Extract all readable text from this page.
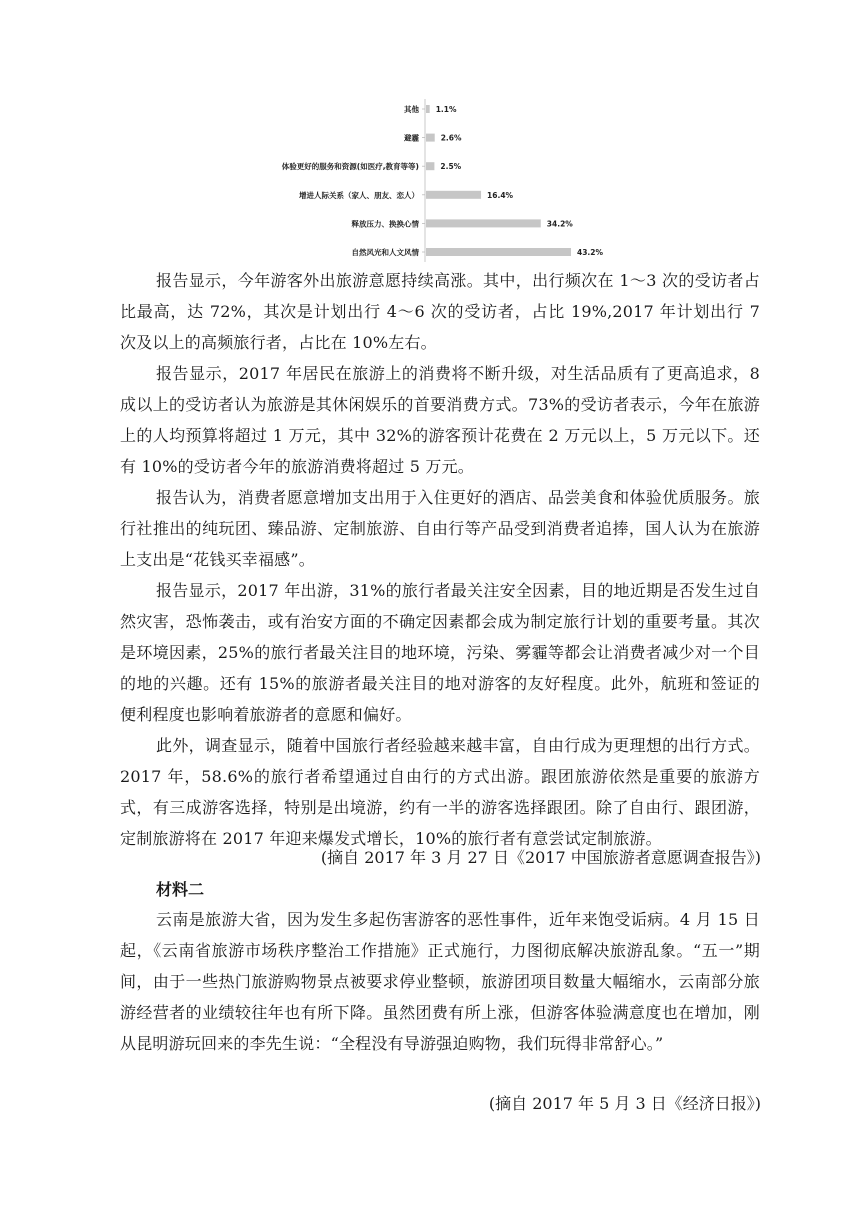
其他 1.1%
避霾	2.6%
体验更好的服务和资源(如医疗,教育等等)	2.5%
增进人际关系（家人、朋友、恋人）	16.4%
释放压力、换换心情	34.2%
自然风光和人文风情	43.2%

报告显示，今年游客外出旅游意愿持续高涨。其中，出行频次在 1～3 次的受访者占比最高，达 72%，其次是计划出行 4～6 次的受访者，占比 19%,2017 年计划出行 7 次及以上的高频旅行者，占比在 10%左右。

报告显示，2017 年居民在旅游上的消费将不断升级，对生活品质有了更高追求，8 成以上的受访者认为旅游是其休闲娱乐的首要消费方式。73%的受访者表示，今年在旅游上的人均预算将超过 1 万元，其中 32%的游客预计花费在 2 万元以上，5 万元以下。还有 10%的受访者今年的旅游消费将超过 5 万元。

报告认为，消费者愿意增加支出用于入住更好的酒店、品尝美食和体验优质服务。旅行社推出的纯玩团、臻品游、定制旅游、自由行等产品受到消费者追捧，国人认为在旅游上支出是“花钱买幸福感”。

报告显示，2017 年出游，31%的旅行者最关注安全因素，目的地近期是否发生过自然灾害，恐怖袭击，或有治安方面的不确定因素都会成为制定旅行计划的重要考量。其次是环境因素，25%的旅行者最关注目的地环境，污染、雾霾等都会让消费者减少对一个目的地的兴趣。还有 15%的旅游者最关注目的地对游客的友好程度。此外，航班和签证的便利程度也影响着旅游者的意愿和偏好。

此外，调查显示，随着中国旅行者经验越来越丰富，自由行成为更理想的出行方式。2017 年，58.6%的旅行者希望通过自由行的方式出游。跟团旅游依然是重要的旅游方式，有三成游客选择，特别是出境游，约有一半的游客选择跟团。除了自由行、跟团游，定制旅游将在 2017 年迎来爆发式增长，10%的旅行者有意尝试定制旅游。

(摘自 2017 年 3 月 27 日《2017 中国旅游者意愿调查报告》)

材料二

云南是旅游大省，因为发生多起伤害游客的恶性事件，近年来饱受诟病。4 月 15 日起，《云南省旅游市场秩序整治工作措施》正式施行，力图彻底解决旅游乱象。“五一”期间，由于一些热门旅游购物景点被要求停业整顿，旅游团项目数量大幅缩水，云南部分旅游经营者的业绩较往年也有所下降。虽然团费有所上涨，但游客体验满意度也在增加，刚从昆明游玩回来的李先生说：“全程没有导游强迫购物，我们玩得非常舒心。”

(摘自 2017 年 5 月 3 日《经济日报》)
